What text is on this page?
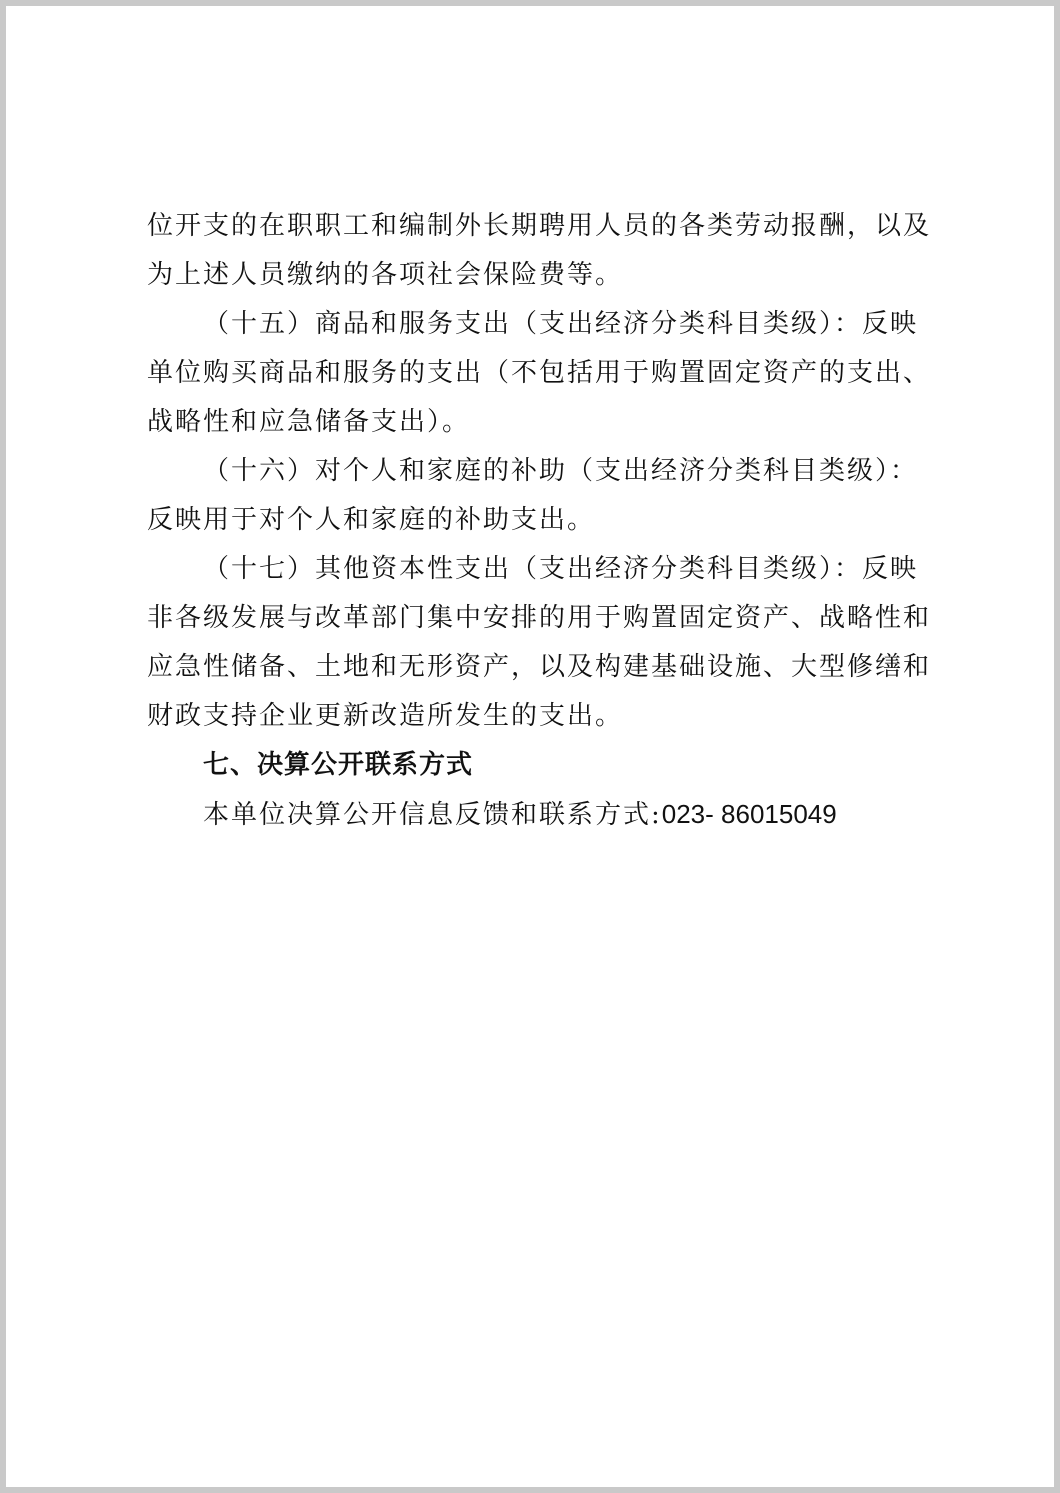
位开支的在职职工和编制外长期聘用人员的各类劳动报酬，以及
为上述人员缴纳的各项社会保险费等。
（十五）商品和服务支出（支出经济分类科目类级）：反映
单位购买商品和服务的支出（不包括用于购置固定资产的支出、
战略性和应急储备支出）。
（十六）对个人和家庭的补助（支出经济分类科目类级）：
反映用于对个人和家庭的补助支出。
（十七）其他资本性支出（支出经济分类科目类级）：反映
非各级发展与改革部门集中安排的用于购置固定资产、战略性和
应急性储备、土地和无形资产，以及构建基础设施、大型修缮和
财政支持企业更新改造所发生的支出。
七、决算公开联系方式
本单位决算公开信息反馈和联系方式:023- 86015049
